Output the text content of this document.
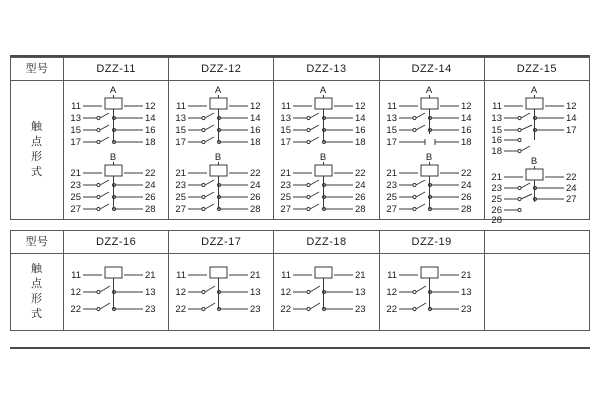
型号	DZZ-11	DZZ-12	DZZ-13	DZZ-14	DZZ-15

触
点
形
式

A
11	12
13	14
15	16
17	18
B
21	22
23	24
25	26
27	28

A
11	12
13	14
15	16
17	18
B
21	22
23	24
25	26
27	28

A
11	12
13	14
15	16
17	18
B
21	22
23	24
25	26
27	28

A
11	12
13	14
15	16
17	18
B
21	22
23	24
25	26
27	28

A
11	12
13	14
15
16
17
18
B
21	22
23	24
25
26
27
28
型号	DZZ-16	DZZ-17	DZZ-18	DZZ-19	

触
点
形
式

11	21
12	13
22	23

11	21
12	13
22	23

11	21
12	13
22	23

11	21
12	13
22	23
